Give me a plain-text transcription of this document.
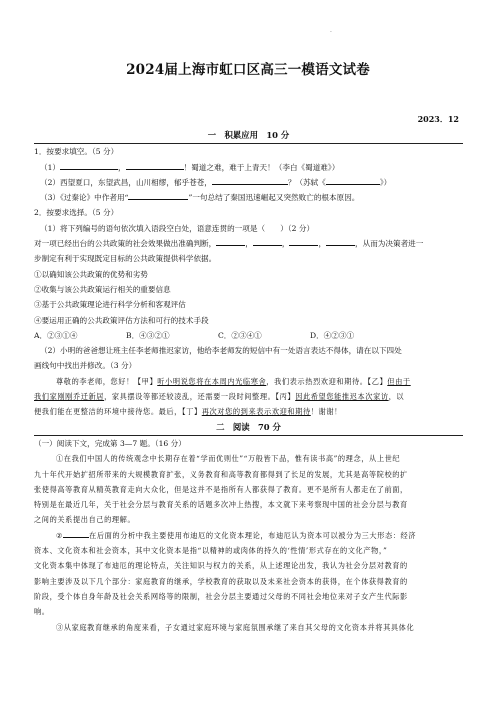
·
2024届上海市虹口区高三一模语文试卷
2023．12
一　积累应用　10 分
1．按要求填空。（5 分）
（1）	，	！蜀道之难，难于上青天！（李白《蜀道难》）
（2）西望夏口，东望武昌，山川相缪，郁乎苍苍，	？（苏轼《	》）
（3）《过秦论》中作者用“	”一句总结了秦国迅速崛起又突然败亡的根本原因。
2．按要求选择。（5 分）
（1）将下列编号的语句依次填入语段空白处，语意连贯的一项是（　　）（2 分）
对一项已经出台的公共政策的社会效果做出准确判断，	，	，	，	，从而为决策者进一
步制定有利于实现既定目标的公共政策提供科学依据。
①以确知该公共政策的优势和劣势
②收集与该公共政策运行相关的重要信息
③基于公共政策理论进行科学分析和客观评估
④要运用正确的公共政策评估方法和可行的技术手段
A．②③①④	B．④③②①	C．②③④①	D．④②③①
（2）小明的爸爸想让班主任李老师推迟家访，他给李老师发的短信中有一处语言表达不得体，请在以下四处
画线句中找出并修改。（3 分）
尊敬的李老师，您好！【甲】听小明说您将在本周内光临寒舍，我们表示热烈欢迎和期待。【乙】但由于
我们家刚刚乔迁新居，家具摆设等都还较凌乱，还需要一段时间整理。【丙】因此希望您能推迟本次家访，以
便我们能在更整洁的环境中接待您。最后，【丁】再次对您的到来表示欢迎和期待！谢谢！
二　阅读　70 分
（一）阅读下文，完成第 3—7 题。（16 分）
①在我们中国人的传统观念中长期存在着“学而优则仕”“万般皆下品，惟有读书高”的理念，从上世纪
九十年代开始扩招所带来的大规模教育扩张，义务教育和高等教育都得到了长足的发展，尤其是高等院校的扩
张使得高等教育从精英教育走向大众化，但是这并不是指所有人都获得了教育。更不是所有人都走在了前面，
特别是在最近几年，关于社会分层与教育关系的话题多次冲上热搜，本文就下来考察现中国的社会分层与教育
之间的关系提出自己的理解。
②	在后面的分析中我主要使用布迪厄的文化资本理论，布迪厄认为资本可以被分为三大形态：经济
资本、文化资本和社会资本，其中文化资本是指“以精神的或肉体的持久的‘性情’形式存在的文化产物，”
文化资本集中体现了布迪厄的理论特点，关注知识与权力的关系，从上述理论出发，我认为社会分层对教育的
影响主要涉及以下几个部分：家庭教育的继承，学校教育的获取以及未来社会资本的获得，在个体获得教育的
阶段，受个体自身年龄及社会关系网络等的限制，社会分层主要通过父母的不同社会地位来对子女产生代际影
响。
③从家庭教育继承的角度来看，子女通过家庭环境与家庭氛围承继了来自其父母的文化资本并将其具体化
